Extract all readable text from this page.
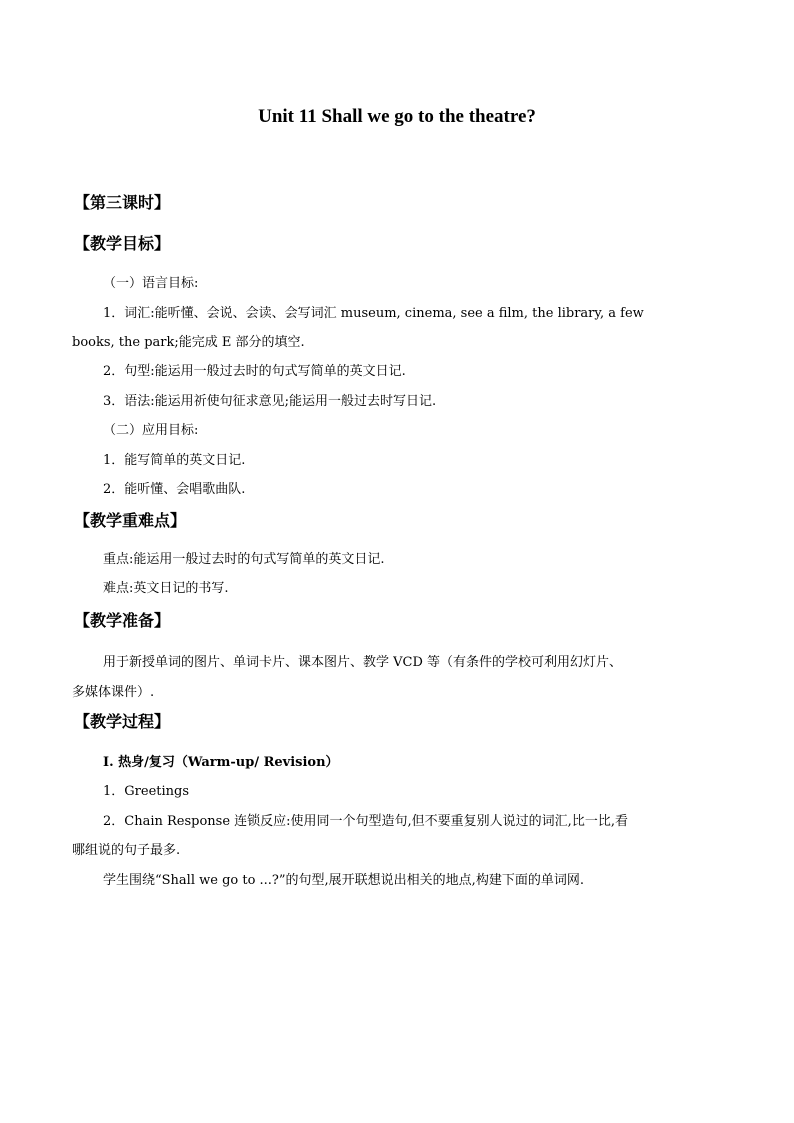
Unit 11 Shall we go to the theatre?
【第三课时】
【教学目标】
（一）语言目标:
1．词汇:能听懂、会说、会读、会写词汇 museum, cinema, see a film, the library, a few
books, the park;能完成 E 部分的填空.
2．句型:能运用一般过去时的句式写简单的英文日记.
3．语法:能运用祈使句征求意见;能运用一般过去时写日记.
（二）应用目标:
1．能写简单的英文日记.
2．能听懂、会唱歌曲队.
【教学重难点】
重点:能运用一般过去时的句式写简单的英文日记.
难点:英文日记的书写.
【教学准备】
用于新授单词的图片、单词卡片、课本图片、教学 VCD 等（有条件的学校可利用幻灯片、
多媒体课件）.
【教学过程】
I. 热身/复习（Warm-up/ Revision）
1．Greetings
2．Chain Response 连锁反应:使用同一个句型造句,但不要重复别人说过的词汇,比一比,看
哪组说的句子最多.
学生围绕“Shall we go to ...?”的句型,展开联想说出相关的地点,构建下面的单词网.
